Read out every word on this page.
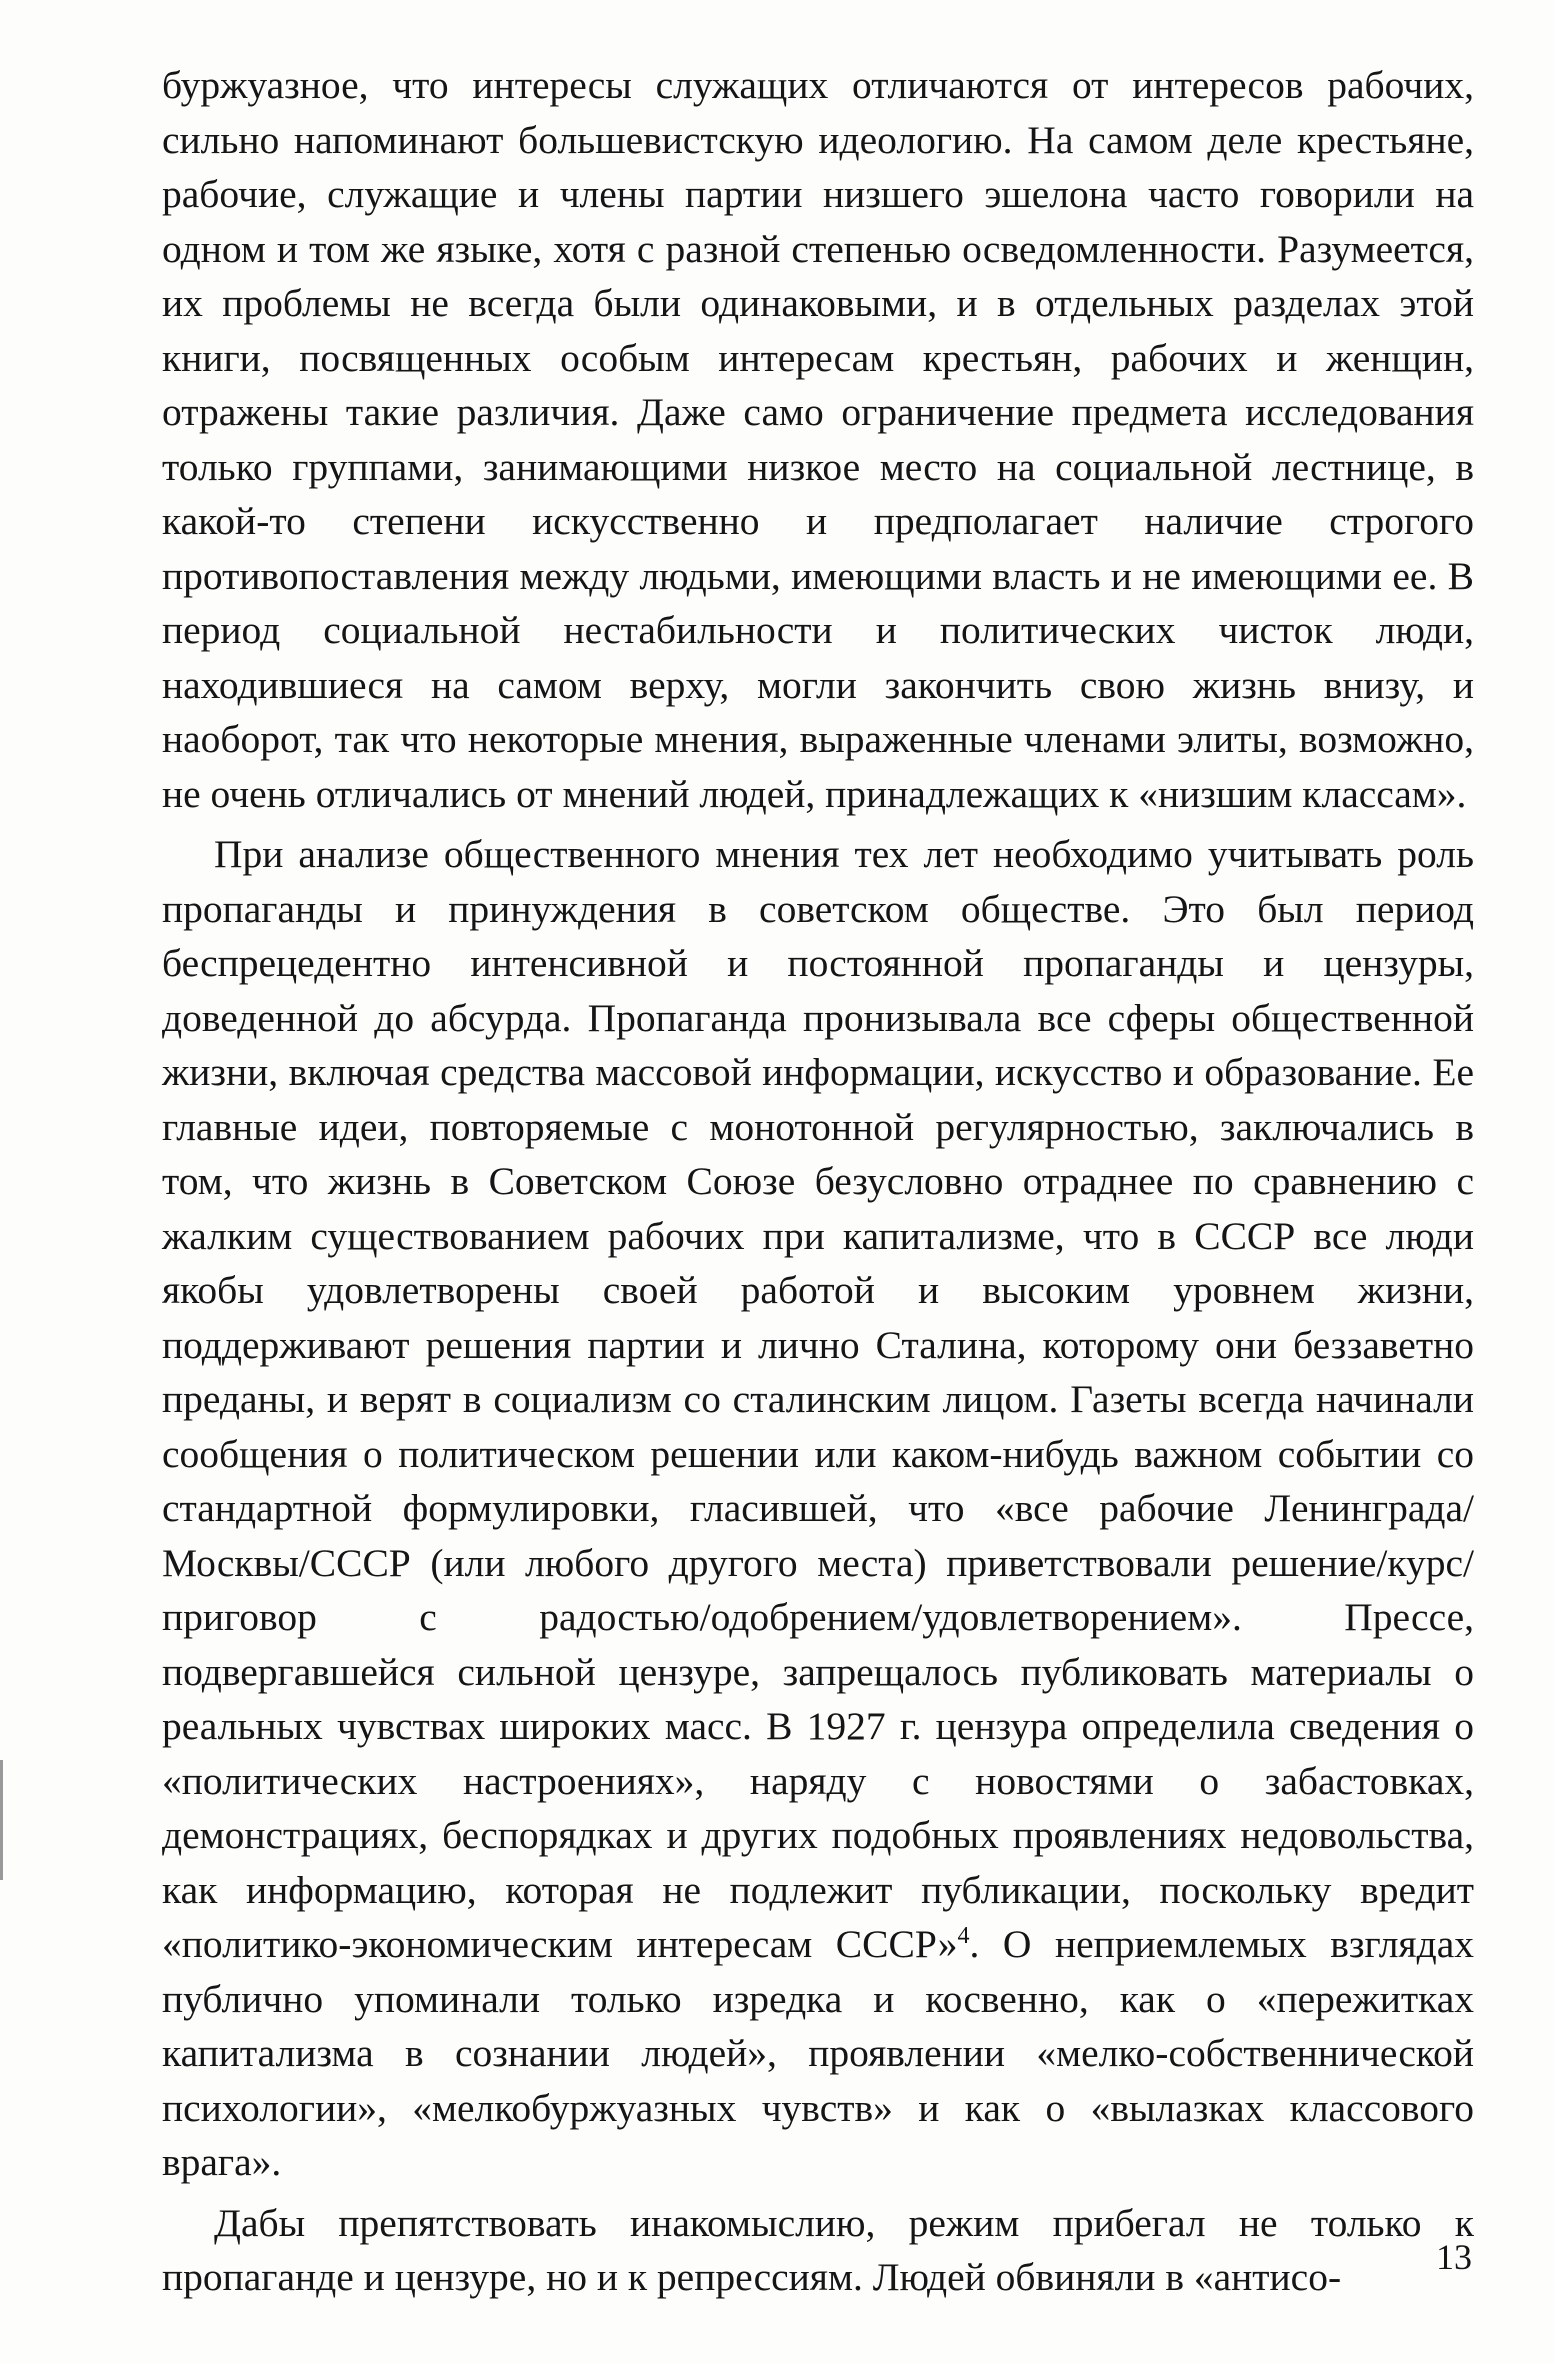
буржуазное, что интересы служащих отличаются от интересов рабочих, сильно напоминают большевистскую идеологию. На самом деле крестьяне, рабочие, служащие и члены партии низшего эшелона часто говорили на одном и том же языке, хотя с разной степенью осведомленности. Разумеется, их проблемы не всегда были одинаковыми, и в отдельных разделах этой книги, посвященных особым интересам крестьян, рабочих и женщин, отражены такие различия. Даже само ограничение предмета исследования только группами, занимающими низкое место на социальной лестнице, в какой-то степени искусственно и предполагает наличие строгого противопоставления между людьми, имеющими власть и не имеющими ее. В период социальной нестабильности и политических чисток люди, находившиеся на самом верху, могли закончить свою жизнь внизу, и наоборот, так что некоторые мнения, выраженные членами элиты, возможно, не очень отличались от мнений людей, принадлежащих к «низшим классам».

При анализе общественного мнения тех лет необходимо учитывать роль пропаганды и принуждения в советском обществе. Это был период беспрецедентно интенсивной и постоянной пропаганды и цензуры, доведенной до абсурда. Пропаганда пронизывала все сферы общественной жизни, включая средства массовой информации, искусство и образование. Ее главные идеи, повторяемые с монотонной регулярностью, заключались в том, что жизнь в Советском Союзе безусловно отраднее по сравнению с жалким существованием рабочих при капитализме, что в СССР все люди якобы удовлетворены своей работой и высоким уровнем жизни, поддерживают решения партии и лично Сталина, которому они беззаветно преданы, и верят в социализм со сталинским лицом. Газеты всегда начинали сообщения о политическом решении или каком-нибудь важном событии со стандартной формулировки, гласившей, что «все рабочие Ленинграда/Москвы/СССР (или любого другого места) приветствовали решение/курс/приговор с радостью/одобрением/удовлетворением». Прессе, подвергавшейся сильной цензуре, запрещалось публиковать материалы о реальных чувствах широких масс. В 1927 г. цензура определила сведения о «политических настроениях», наряду с новостями о забастовках, демонстрациях, беспорядках и других подобных проявлениях недовольства, как информацию, которая не подлежит публикации, поскольку вредит «политико-экономическим интересам СССР»$^4$. О неприемлемых взглядах публично упоминали только изредка и косвенно, как о «пережитках капитализма в сознании людей», проявлении «мелко-собственнической психологии», «мелкобуржуазных чувств» и как о «вылазках классового врага».

Дабы препятствовать инакомыслию, режим прибегал не только к пропаганде и цензуре, но и к репрессиям. Людей обвиняли в «антисо-	13
